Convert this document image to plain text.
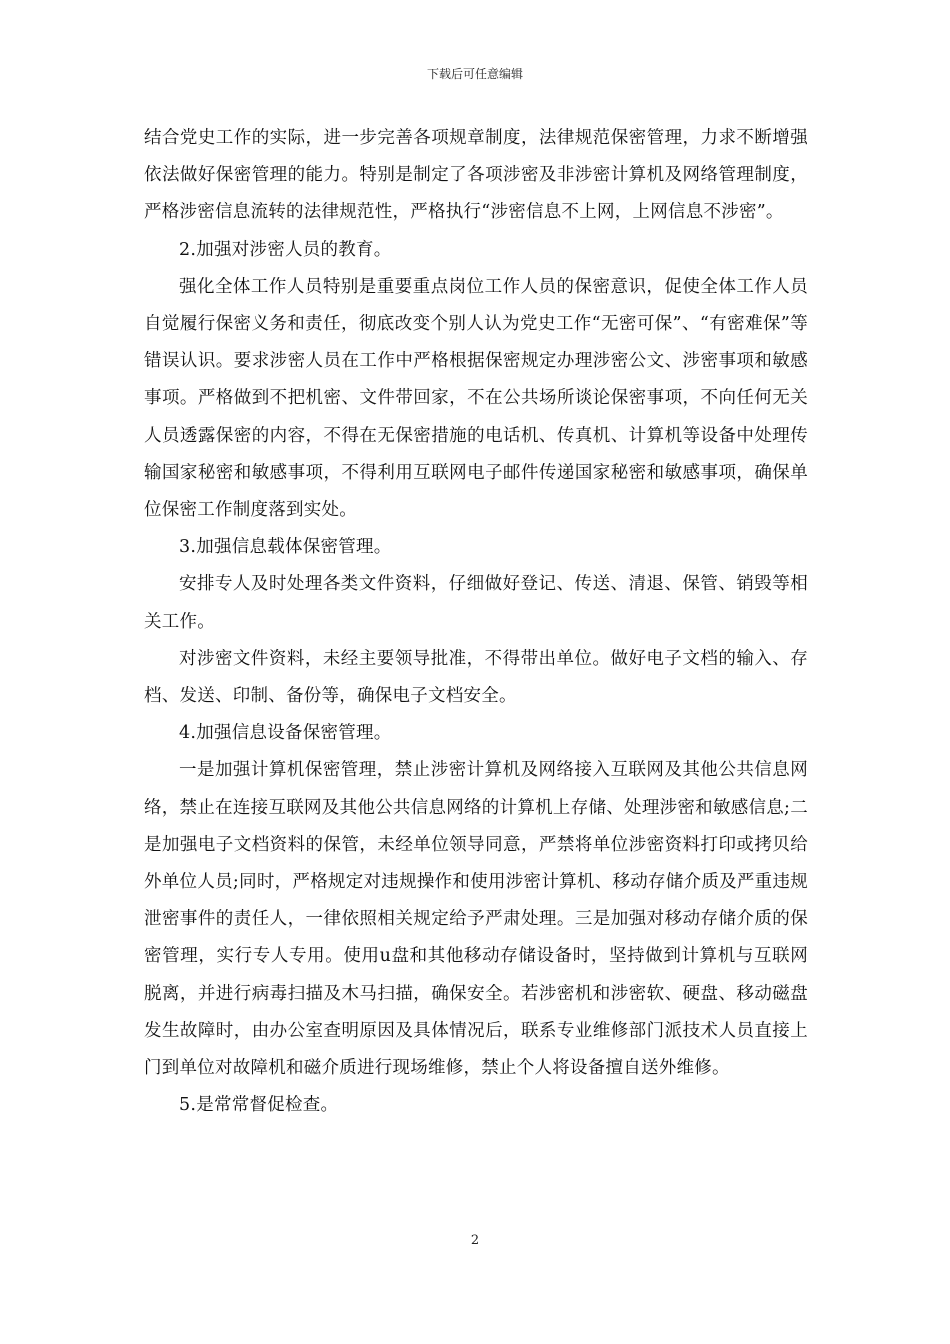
下载后可任意编辑

结合党史工作的实际，进一步完善各项规章制度，法律规范保密管理，力求不断增强依法做好保密管理的能力。特别是制定了各项涉密及非涉密计算机及网络管理制度，严格涉密信息流转的法律规范性，严格执行“涉密信息不上网，上网信息不涉密”。

2.加强对涉密人员的教育。

强化全体工作人员特别是重要重点岗位工作人员的保密意识，促使全体工作人员自觉履行保密义务和责任，彻底改变个别人认为党史工作“无密可保”、“有密难保”等错误认识。要求涉密人员在工作中严格根据保密规定办理涉密公文、涉密事项和敏感事项。严格做到不把机密、文件带回家，不在公共场所谈论保密事项，不向任何无关人员透露保密的内容，不得在无保密措施的电话机、传真机、计算机等设备中处理传输国家秘密和敏感事项，不得利用互联网电子邮件传递国家秘密和敏感事项，确保单位保密工作制度落到实处。

3.加强信息载体保密管理。

安排专人及时处理各类文件资料，仔细做好登记、传送、清退、保管、销毁等相关工作。

对涉密文件资料，未经主要领导批准，不得带出单位。做好电子文档的输入、存档、发送、印制、备份等，确保电子文档安全。

4.加强信息设备保密管理。

一是加强计算机保密管理，禁止涉密计算机及网络接入互联网及其他公共信息网络，禁止在连接互联网及其他公共信息网络的计算机上存储、处理涉密和敏感信息;二是加强电子文档资料的保管，未经单位领导同意，严禁将单位涉密资料打印或拷贝给外单位人员;同时，严格规定对违规操作和使用涉密计算机、移动存储介质及严重违规泄密事件的责任人，一律依照相关规定给予严肃处理。三是加强对移动存储介质的保密管理，实行专人专用。使用u盘和其他移动存储设备时，坚持做到计算机与互联网脱离，并进行病毒扫描及木马扫描，确保安全。若涉密机和涉密软、硬盘、移动磁盘发生故障时，由办公室查明原因及具体情况后，联系专业维修部门派技术人员直接上门到单位对故障机和磁介质进行现场维修，禁止个人将设备擅自送外维修。

5.是常常督促检查。

2
